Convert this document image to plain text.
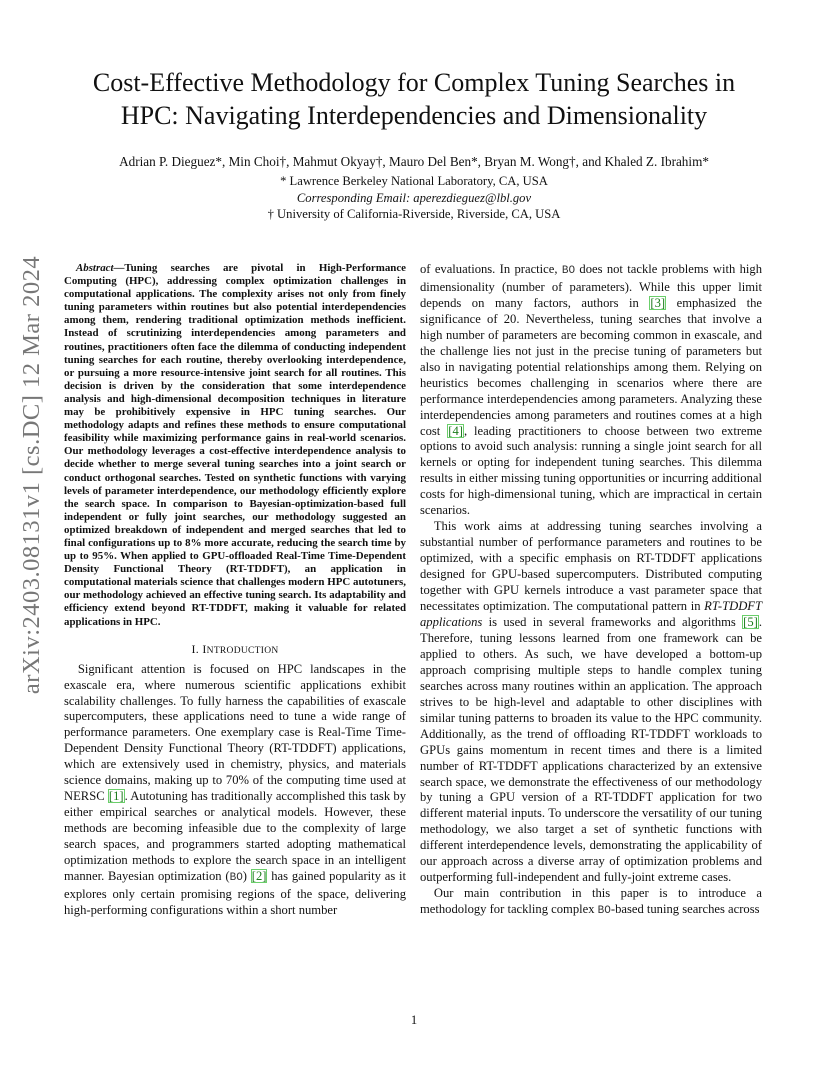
arXiv:2403.08131v1 [cs.DC] 12 Mar 2024
Cost-Effective Methodology for Complex Tuning Searches in
HPC: Navigating Interdependencies and Dimensionality
Adrian P. Dieguez*, Min Choi†, Mahmut Okyay†, Mauro Del Ben*, Bryan M. Wong†, and Khaled Z. Ibrahim*
* Lawrence Berkeley National Laboratory, CA, USA
Corresponding Email: aperezdieguez@lbl.gov
† University of California-Riverside, Riverside, CA, USA

Abstract—Tuning searches are pivotal in High-Performance Computing (HPC), addressing complex optimization challenges in computational applications. The complexity arises not only from finely tuning parameters within routines but also potential interdependencies among them, rendering traditional optimization methods inefficient. Instead of scrutinizing interdependencies among parameters and routines, practitioners often face the dilemma of conducting independent tuning searches for each routine, thereby overlooking interdependence, or pursuing a more resource-intensive joint search for all routines. This decision is driven by the consideration that some interdependence analysis and high-dimensional decomposition techniques in literature may be prohibitively expensive in HPC tuning searches. Our methodology adapts and refines these methods to ensure computational feasibility while maximizing performance gains in real-world scenarios. Our methodology leverages a cost-effective interdependence analysis to decide whether to merge several tuning searches into a joint search or conduct orthogonal searches. Tested on synthetic functions with varying levels of parameter interdependence, our methodology efficiently explore the search space. In comparison to Bayesian-optimization-based full independent or fully joint searches, our methodology suggested an optimized breakdown of independent and merged searches that led to final configurations up to 8% more accurate, reducing the search time by up to 95%. When applied to GPU-offloaded Real-Time Time-Dependent Density Functional Theory (RT-TDDFT), an application in computational materials science that challenges modern HPC autotuners, our methodology achieved an effective tuning search. Its adaptability and efficiency extend beyond RT-TDDFT, making it valuable for related applications in HPC.

I. INTRODUCTION

Significant attention is focused on HPC landscapes in the exascale era, where numerous scientific applications exhibit scalability challenges. To fully harness the capabilities of exascale supercomputers, these applications need to tune a wide range of performance parameters. One exemplary case is Real-Time Time-Dependent Density Functional Theory (RT-TDDFT) applications, which are extensively used in chemistry, physics, and materials science domains, making up to 70% of the computing time used at NERSC [1]. Autotuning has traditionally accomplished this task by either empirical searches or analytical models. However, these methods are becoming infeasible due to the complexity of large search spaces, and programmers started adopting mathematical optimization methods to explore the search space in an intelligent manner. Bayesian optimization (BO) [2] has gained popularity as it explores only certain promising regions of the space, delivering high-performing configurations within a short number

of evaluations. In practice, BO does not tackle problems with high dimensionality (number of parameters). While this upper limit depends on many factors, authors in [3] emphasized the significance of 20. Nevertheless, tuning searches that involve a high number of parameters are becoming common in exascale, and the challenge lies not just in the precise tuning of parameters but also in navigating potential relationships among them. Relying on heuristics becomes challenging in scenarios where there are performance interdependencies among parameters. Analyzing these interdependencies among parameters and routines comes at a high cost [4], leading practitioners to choose between two extreme options to avoid such analysis: running a single joint search for all kernels or opting for independent tuning searches. This dilemma results in either missing tuning opportunities or incurring additional costs for high-dimensional tuning, which are impractical in certain scenarios.

This work aims at addressing tuning searches involving a substantial number of performance parameters and routines to be optimized, with a specific emphasis on RT-TDDFT applications designed for GPU-based supercomputers. Distributed computing together with GPU kernels introduce a vast parameter space that necessitates optimization. The computational pattern in RT-TDDFT applications is used in several frameworks and algorithms [5]. Therefore, tuning lessons learned from one framework can be applied to others. As such, we have developed a bottom-up approach comprising multiple steps to handle complex tuning searches across many routines within an application. The approach strives to be high-level and adaptable to other disciplines with similar tuning patterns to broaden its value to the HPC community. Additionally, as the trend of offloading RT-TDDFT workloads to GPUs gains momentum in recent times and there is a limited number of RT-TDDFT applications characterized by an extensive search space, we demonstrate the effectiveness of our methodology by tuning a GPU version of a RT-TDDFT application for two different material inputs. To underscore the versatility of our tuning methodology, we also target a set of synthetic functions with different interdependence levels, demonstrating the applicability of our approach across a diverse array of optimization problems and outperforming full-independent and fully-joint extreme cases.

Our main contribution in this paper is to introduce a methodology for tackling complex BO-based tuning searches across

1
